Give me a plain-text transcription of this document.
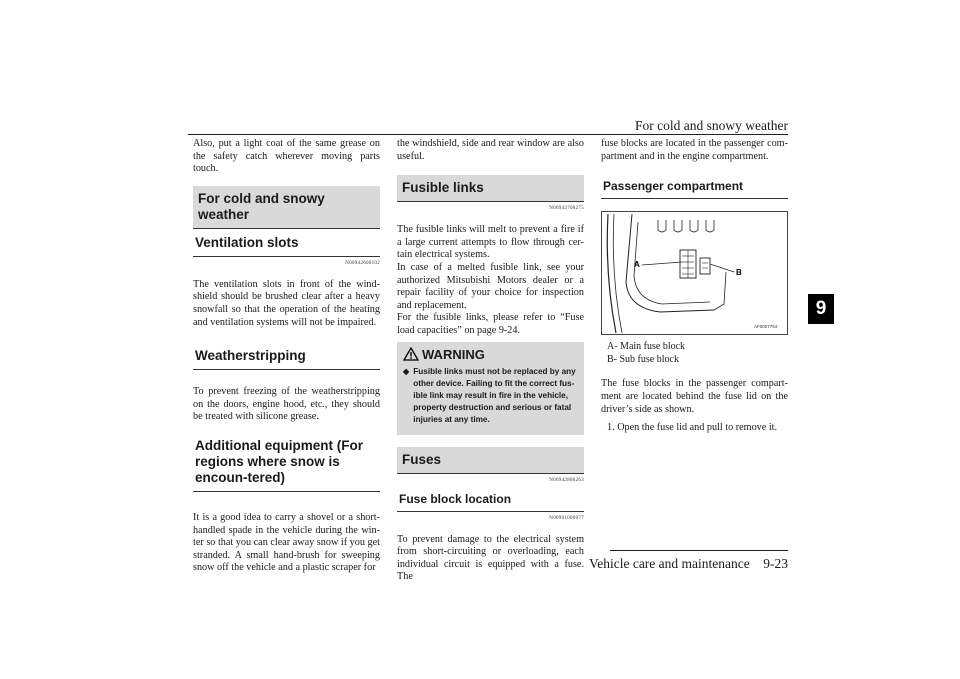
For cold and snowy weather
9

Also, put a light coat of the same grease on the safety catch wherever moving parts touch.

For cold and snowy weather
Ventilation slots
N00942600102

The ventilation slots in front of the wind-shield should be brushed clear after a heavy snowfall so that the operation of the heating and ventilation systems will not be impaired.

Weatherstripping

To prevent freezing of the weatherstripping on the doors, engine hood, etc., they should be treated with silicone grease.

Additional equipment (For regions where snow is encoun-tered)

It is a good idea to carry a shovel or a short-handled spade in the vehicle during the win-ter so that you can clear away snow if you get stranded. A small hand-brush for sweeping snow off the vehicle and a plastic scraper for

the windshield, side and rear window are also useful.

Fusible links
N00942700275

The fusible links will melt to prevent a fire if a large current attempts to flow through cer-tain electrical systems.
In case of a melted fusible link, see your authorized Mitsubishi Motors dealer or a repair facility of your choice for inspection and replacement.
For the fusible links, please refer to “Fuse load capacities” on page 9-24.

WARNING
◆ Fusible links must not be replaced by any other device. Failing to fit the correct fus-ible link may result in fire in the vehicle, property destruction and serious or fatal injuries at any time.
Fuses
N00942800263
Fuse block location
N00901000077

To prevent damage to the electrical system from short-circuiting or overloading, each individual circuit is equipped with a fuse. The

fuse blocks are located in the passenger com-partment and in the engine compartment.

Passenger compartment
A
B
AF0007754
A- Main fuse block
B- Sub fuse block

The fuse blocks in the passenger compart-ment are located behind the fuse lid on the driver’s side as shown.

1. Open the fuse lid and pull to remove it.

Vehicle care and maintenance    9-23
